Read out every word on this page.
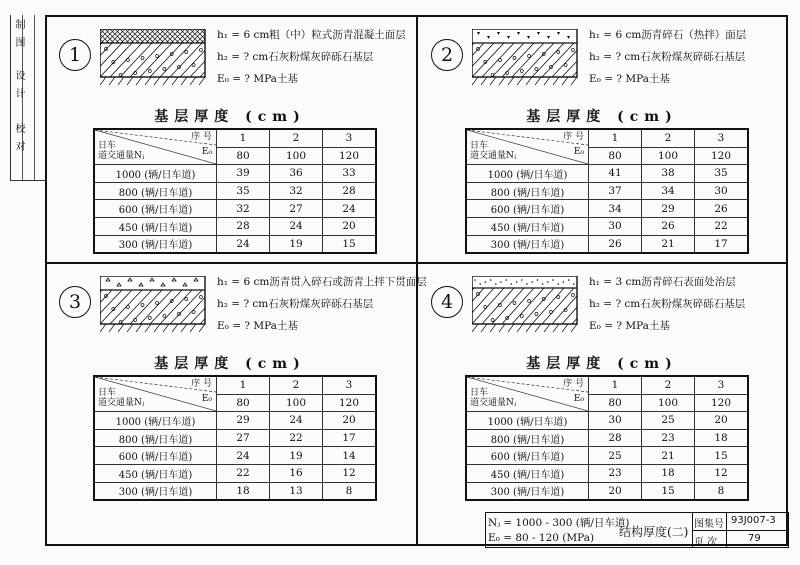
校对
设计
制图	1
h₁ = 6 cm粗（中）粒式沥青混凝土面层
h₂ = ? cm石灰粉煤灰碎砾石基层
E₀ = ? MPa土基
基层厚度 (cm)
序 号
E₀
日车
道交通量Nⱼ	1	2	3
	80	100	120
1000 (辆/日车道)	39	36	33
800 (辆/日车道)	35	32	28
600 (辆/日车道)	32	27	24
450 (辆/日车道)	28	24	20
300 (辆/日车道)	24	19	15
2
h₁ = 6 cm沥青碎石（热拌）面层
h₂ = ? cm石灰粉煤灰碎砾石基层
E₀ = ? MPa土基
基层厚度 (cm)
序 号
E₀
日车
道交通量Nⱼ	1	2	3
	80	100	120
1000 (辆/日车道)	41	38	35
800 (辆/日车道)	37	34	30
600 (辆/日车道)	34	29	26
450 (辆/日车道)	30	26	22
300 (辆/日车道)	26	21	17
3
h₁ = 6 cm沥青贯入碎石或沥青上拌下贯面层
h₂ = ? cm石灰粉煤灰碎砾石基层
E₀ = ? MPa土基
基层厚度 (cm)
序 号
E₀
日车
道交通量Nⱼ	1	2	3
	80	100	120
1000 (辆/日车道)	29	24	20
800 (辆/日车道)	27	22	17
600 (辆/日车道)	24	19	14
450 (辆/日车道)	22	16	12
300 (辆/日车道)	18	13	8
4
h₁ = 3 cm沥青碎石表面处治层
h₂ = ? cm石灰粉煤灰碎砾石基层
E₀ = ? MPa土基
基层厚度 (cm)
序 号
E₀
日车
道交通量Nⱼ	1	2	3
	80	100	120
1000 (辆/日车道)	30	25	20
800 (辆/日车道)	28	23	18
600 (辆/日车道)	25	21	15
450 (辆/日车道)	23	18	12
300 (辆/日车道)	20	15	8
Nⱼ = 1000 - 300 (辆/日车道)
E₀ = 80 - 120 (MPa) 结构厚度(二)
图集号 93J007-3
页 次	79
